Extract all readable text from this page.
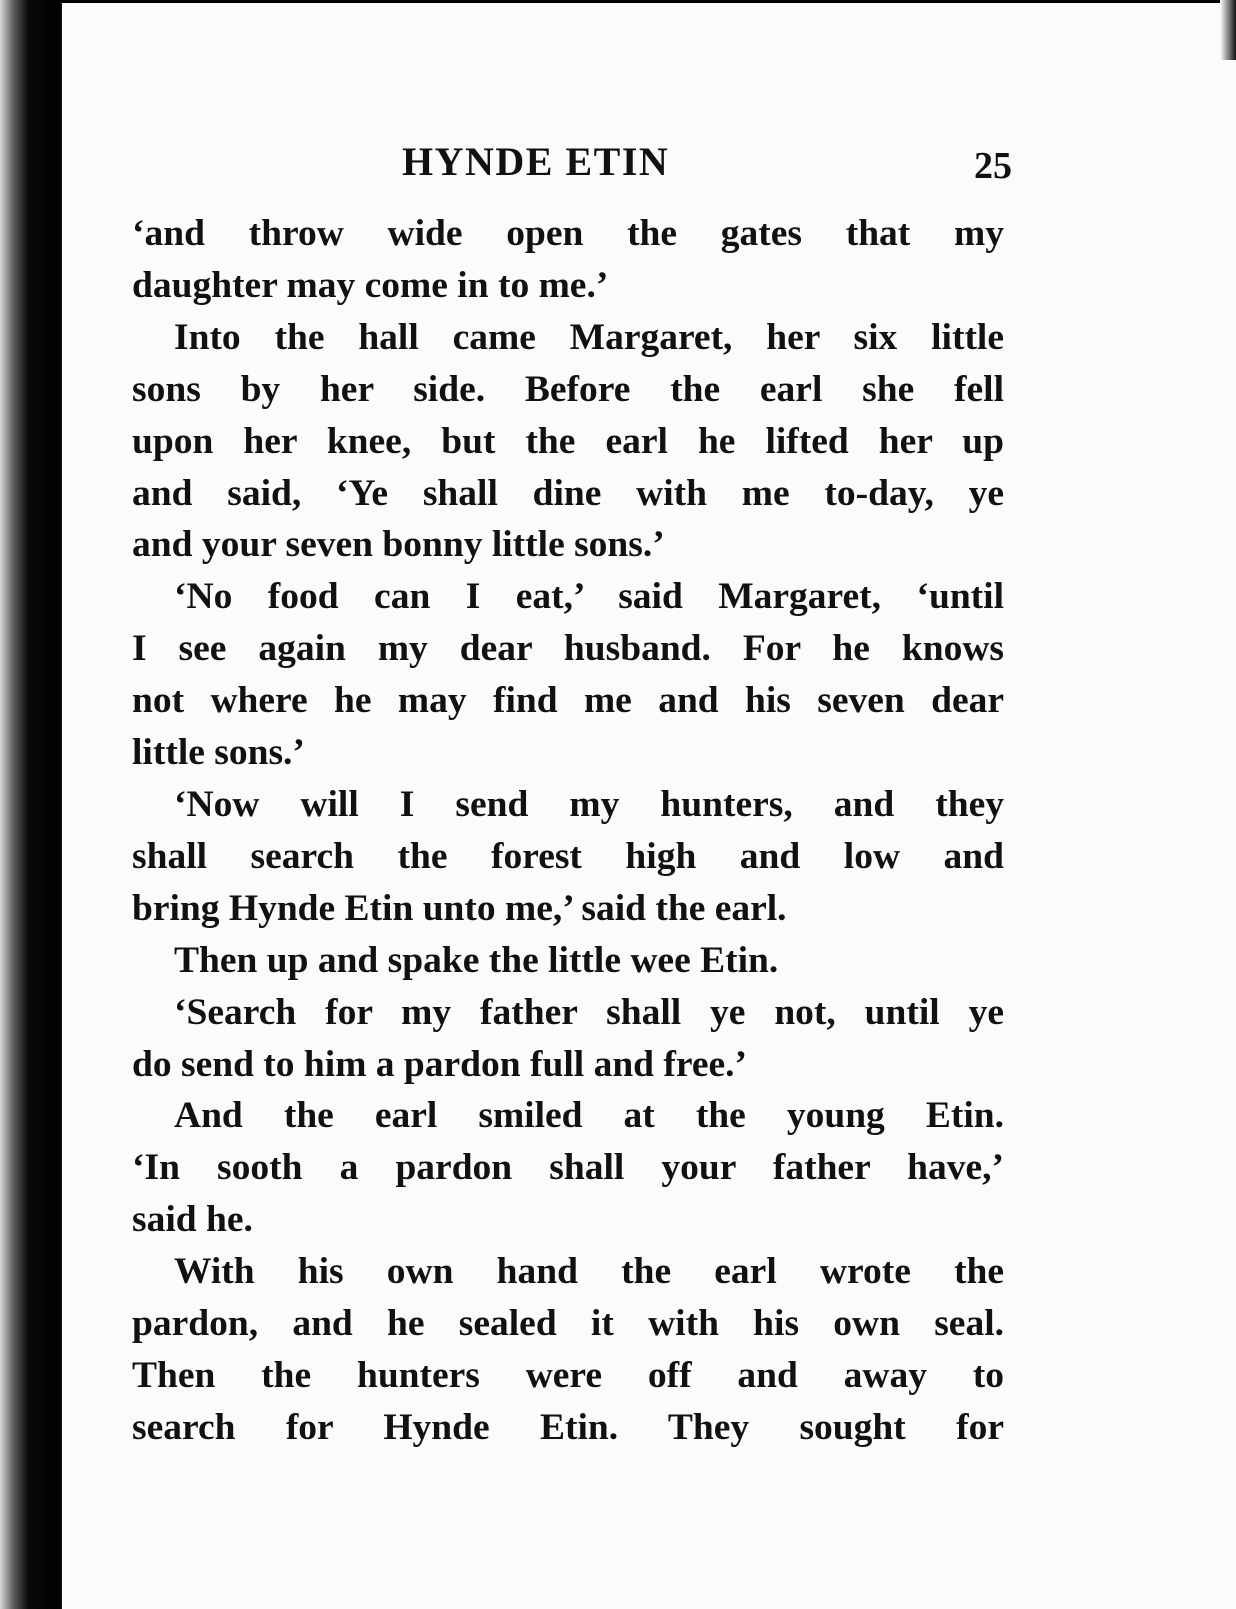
HYNDE ETIN	25

‘and throw wide open the gates that my
daughter may come in to me.’

Into the hall came Margaret, her six little
sons by her side. Before the earl she fell
upon her knee, but the earl he lifted her up
and said, ‘Ye shall dine with me to-day, ye
and your seven bonny little sons.’

‘No food can I eat,’ said Margaret, ‘until
I see again my dear husband. For he knows
not where he may find me and his seven dear
little sons.’

‘Now will I send my hunters, and they
shall search the forest high and low and
bring Hynde Etin unto me,’ said the earl.

Then up and spake the little wee Etin.

‘Search for my father shall ye not, until ye
do send to him a pardon full and free.’

And the earl smiled at the young Etin.
‘In sooth a pardon shall your father have,’
said he.

With his own hand the earl wrote the
pardon, and he sealed it with his own seal.
Then the hunters were off and away to
search for Hynde Etin. They sought for
